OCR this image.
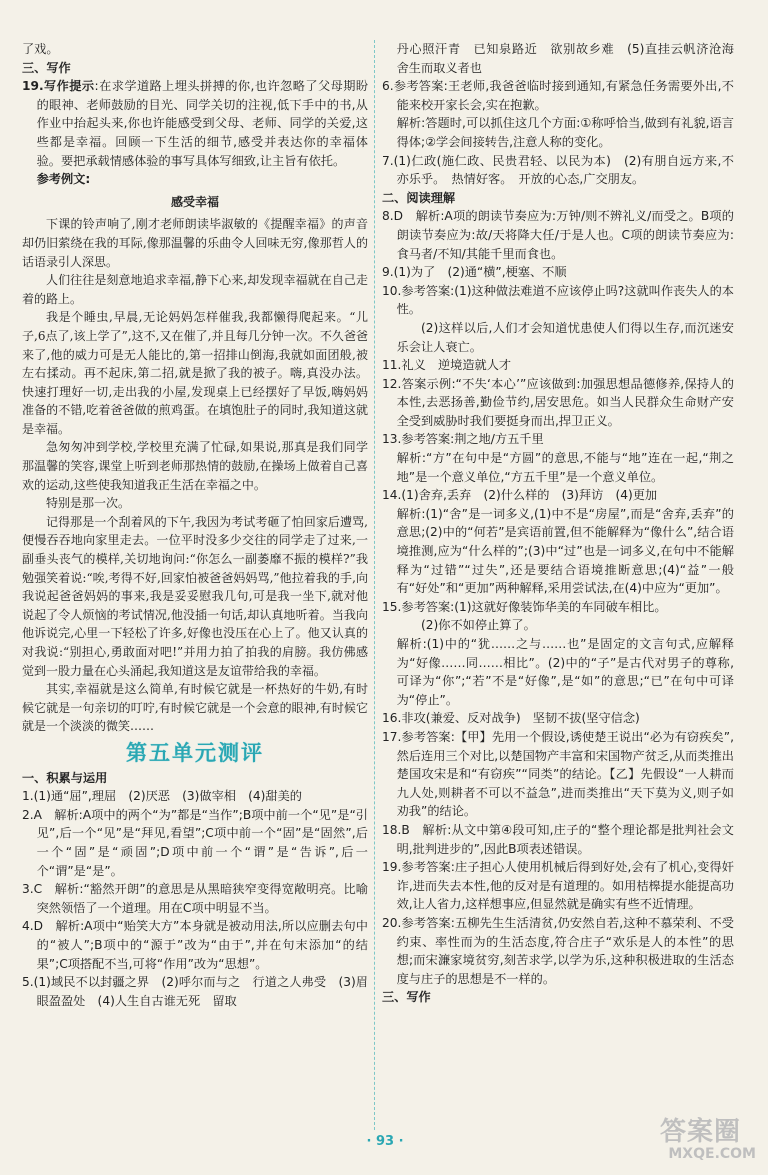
了戏。

三、写作

19.写作提示:在求学道路上埋头拼搏的你,也许忽略了父母期盼的眼神、老师鼓励的目光、同学关切的注视,低下手中的书,从作业中抬起头来,你也许能感受到父母、老师、同学的关爱,这些都是幸福。回顾一下生活的细节,感受并表达你的幸福体验。要把承载情感体验的事写具体写细致,让主旨有依托。

参考例文:

感受幸福

下课的铃声响了,刚才老师朗读毕淑敏的《提醒幸福》的声音却仍旧萦绕在我的耳际,像那温馨的乐曲令人回味无穷,像那哲人的话语录引人深思。

人们往往是刻意地追求幸福,静下心来,却发现幸福就在自己走着的路上。

我是个睡虫,早晨,无论妈妈怎样催我,我都懒得爬起来。“儿子,6点了,该上学了”,这不,又在催了,并且每几分钟一次。不久爸爸来了,他的威力可是无人能比的,第一招排山倒海,我就如面团般,被左右揉动。再不起床,第二招,就是掀了我的被子。嗨,真没办法。快速打理好一切,走出我的小屋,发现桌上已经摆好了早饭,嗨妈妈准备的不错,吃着爸爸做的煎鸡蛋。在填饱肚子的同时,我知道这就是幸福。

急匆匆冲到学校,学校里充满了忙碌,如果说,那真是我们同学那温馨的笑容,课堂上听到老师那热情的鼓励,在操场上做着自己喜欢的运动,这些使我知道我正生活在幸福之中。

特别是那一次。

记得那是一个刮着风的下午,我因为考试考砸了怕回家后遭骂,便慢吞吞地向家里走去。一位平时没多少交往的同学走了过来,一副垂头丧气的模样,关切地询问:“你怎么一副萎靡不振的模样?”我勉强笑着说:“唉,考得不好,回家怕被爸爸妈妈骂,”他拉着我的手,向我说起爸爸妈妈的事来,我是妥妥慰我几句,可是我一坐下,就对他说起了令人烦恼的考试情况,他没插一句话,却认真地听着。当我向他诉说完,心里一下轻松了许多,好像也没压在心上了。他又认真的对我说:“别担心,勇敢面对吧!”并用力拍了拍我的肩膀。我仿佛感觉到一股力量在心头涌起,我知道这是友谊带给我的幸福。

其实,幸福就是这么简单,有时候它就是一杯热好的牛奶,有时候它就是一句亲切的叮咛,有时候它就是一个会意的眼神,有时候它就是一个淡淡的微笑……

第五单元测评

一、积累与运用

1.(1)通“屈”,理屈　(2)厌恶　(3)做宰相　(4)甜美的

2.A　解析:A项中的两个“为”都是“当作”;B项中前一个“见”是“引见”,后一个“见”是“拜见,看望”;C项中前一个“固”是“固然”,后一个“固”是“顽固”;D项中前一个“谓”是“告诉”,后一个“谓”是“是”。

3.C　解析:“豁然开朗”的意思是从黑暗狭窄变得宽敞明亮。比喻突然领悟了一个道理。用在C项中明显不当。

4.D　解析:A项中“贻笑大方”本身就是被动用法,所以应删去句中的“被人”;B项中的“源于”改为“由于”,并在句末添加“的结果”;C项搭配不当,可将“作用”改为“思想”。

5.(1)域民不以封疆之界　(2)呼尔而与之　行道之人弗受　(3)眉眼盈盈处　(4)人生自古谁无死　留取

丹心照汗青　已知泉路近　欲别故乡难　(5)直挂云帆济沧海　舍生而取义者也

6.参考答案:王老师,我爸爸临时接到通知,有紧急任务需要外出,不能来校开家长会,实在抱歉。

解析:答题时,可以抓住这几个方面:①称呼恰当,做到有礼貌,语言得体;②学会间接转告,注意人称的变化。

7.(1)仁政(施仁政、民贵君轻、以民为本)　(2)有朋自远方来,不亦乐乎。　热情好客。　开放的心态,广交朋友。

二、阅读理解

8.D　解析:A项的朗读节奏应为:万钟/则不辨礼义/而受之。B项的朗读节奏应为:故/天将降大任/于是人也。C项的朗读节奏应为:食马者/不知/其能千里而食也。

9.(1)为了　(2)通“横”,梗塞、不顺

10.参考答案:(1)这种做法难道不应该停止吗?这就叫作丧失人的本性。

(2)这样以后,人们才会知道忧患使人们得以生存,而沉迷安乐会让人衰亡。

11.礼义　逆境造就人才

12.答案示例:“不失‘本心’”应该做到:加强思想品德修养,保持人的本性,去恶扬善,勤俭节约,居安思危。如当人民群众生命财产安全受到威胁时我们要挺身而出,捍卫正义。

13.参考答案:荆之地/方五千里

解析:“方”在句中是“方圆”的意思,不能与“地”连在一起,“荆之地”是一个意义单位,“方五千里”是一个意义单位。

14.(1)舍弃,丢弃　(2)什么样的　(3)拜访　(4)更加

解析:(1)“舍”是一词多义,(1)中不是“房屋”,而是“舍弃,丢弃”的意思;(2)中的“何若”是宾语前置,但不能解释为“像什么”,结合语境推测,应为“什么样的”;(3)中“过”也是一词多义,在句中不能解释为“过错”“过失”,还是要结合语境推断意思;(4)“益”一般有“好处”和“更加”两种解释,采用尝试法,在(4)中应为“更加”。

15.参考答案:(1)这就好像装饰华美的车同破车相比。

(2)你不如停止算了。

解析:(1)中的“犹……之与……也”是固定的文言句式,应解释为“好像……同……相比”。(2)中的“子”是古代对男子的尊称,可译为“你”;“若”不是“好像”,是“如”的意思;“已”在句中可译为“停止”。

16.非攻(兼爱、反对战争)　坚韧不拔(坚守信念)

17.参考答案:【甲】先用一个假设,诱使楚王说出“必为有窃疾矣”,然后连用三个对比,以楚国物产丰富和宋国物产贫乏,从而类推出楚国攻宋是和“有窃疾”“同类”的结论。【乙】先假设“一人耕而九人处,则耕者不可以不益急”,进而类推出“天下莫为义,则子如劝我”的结论。

18.B　解析:从文中第④段可知,庄子的“整个理论都是批判社会文明,批判进步的”,因此B项表述错误。

19.参考答案:庄子担心人使用机械后得到好处,会有了机心,变得奸诈,进而失去本性,他的反对是有道理的。如用桔槔提水能提高功效,让人省力,这样想事应,但显然就是确实有些不近情理。

20.参考答案:五柳先生生活清贫,仍安然自若,这种不慕荣利、不受约束、率性而为的生活态度,符合庄子“欢乐是人的本性”的思想;而宋濂家境贫穷,刻苦求学,以学为乐,这种积极进取的生活态度与庄子的思想是不一样的。

三、写作

· 93 ·	答案圈
MXQE.COM
